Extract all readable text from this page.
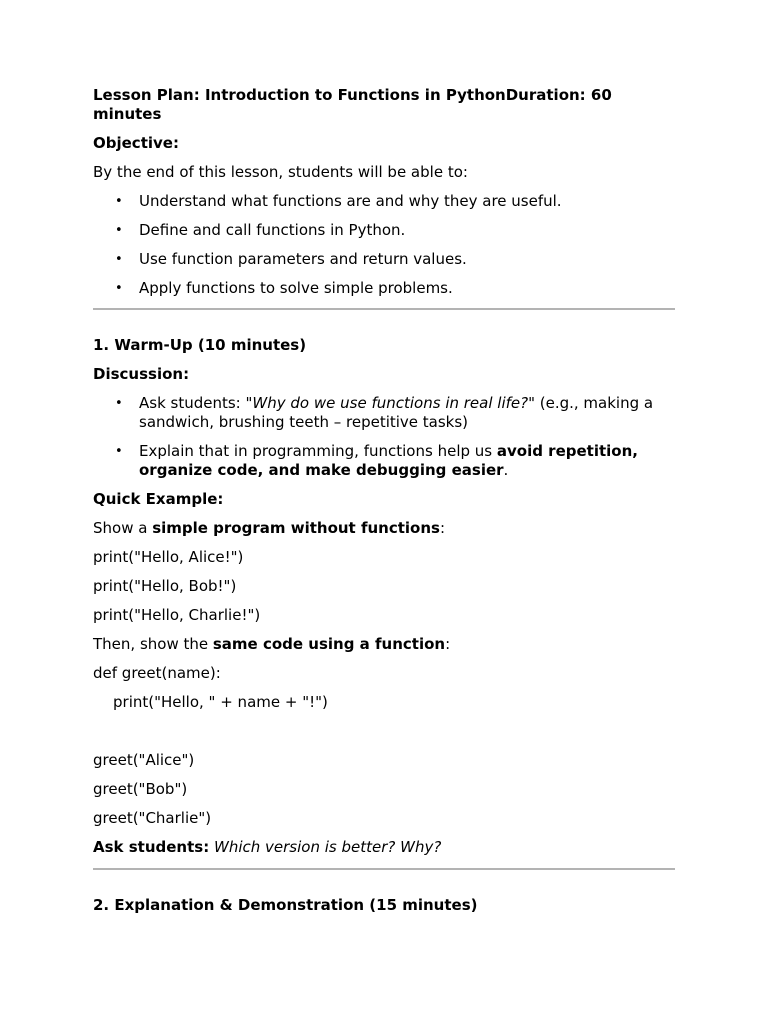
Lesson Plan: Introduction to Functions in PythonDuration: 60 minutes

Objective:

By the end of this lesson, students will be able to:

• Understand what functions are and why they are useful.
• Define and call functions in Python.
• Use function parameters and return values.
• Apply functions to solve simple problems.

1. Warm-Up (10 minutes)

Discussion:

• Ask students: "Why do we use functions in real life?" (e.g., making a sandwich, brushing teeth – repetitive tasks)
• Explain that in programming, functions help us avoid repetition, organize code, and make debugging easier.

Quick Example:

Show a simple program without functions:

print("Hello, Alice!")

print("Hello, Bob!")

print("Hello, Charlie!")

Then, show the same code using a function:

def greet(name):

print("Hello, " + name + "!")

greet("Alice")

greet("Bob")

greet("Charlie")

Ask students: Which version is better? Why?

2. Explanation & Demonstration (15 minutes)
